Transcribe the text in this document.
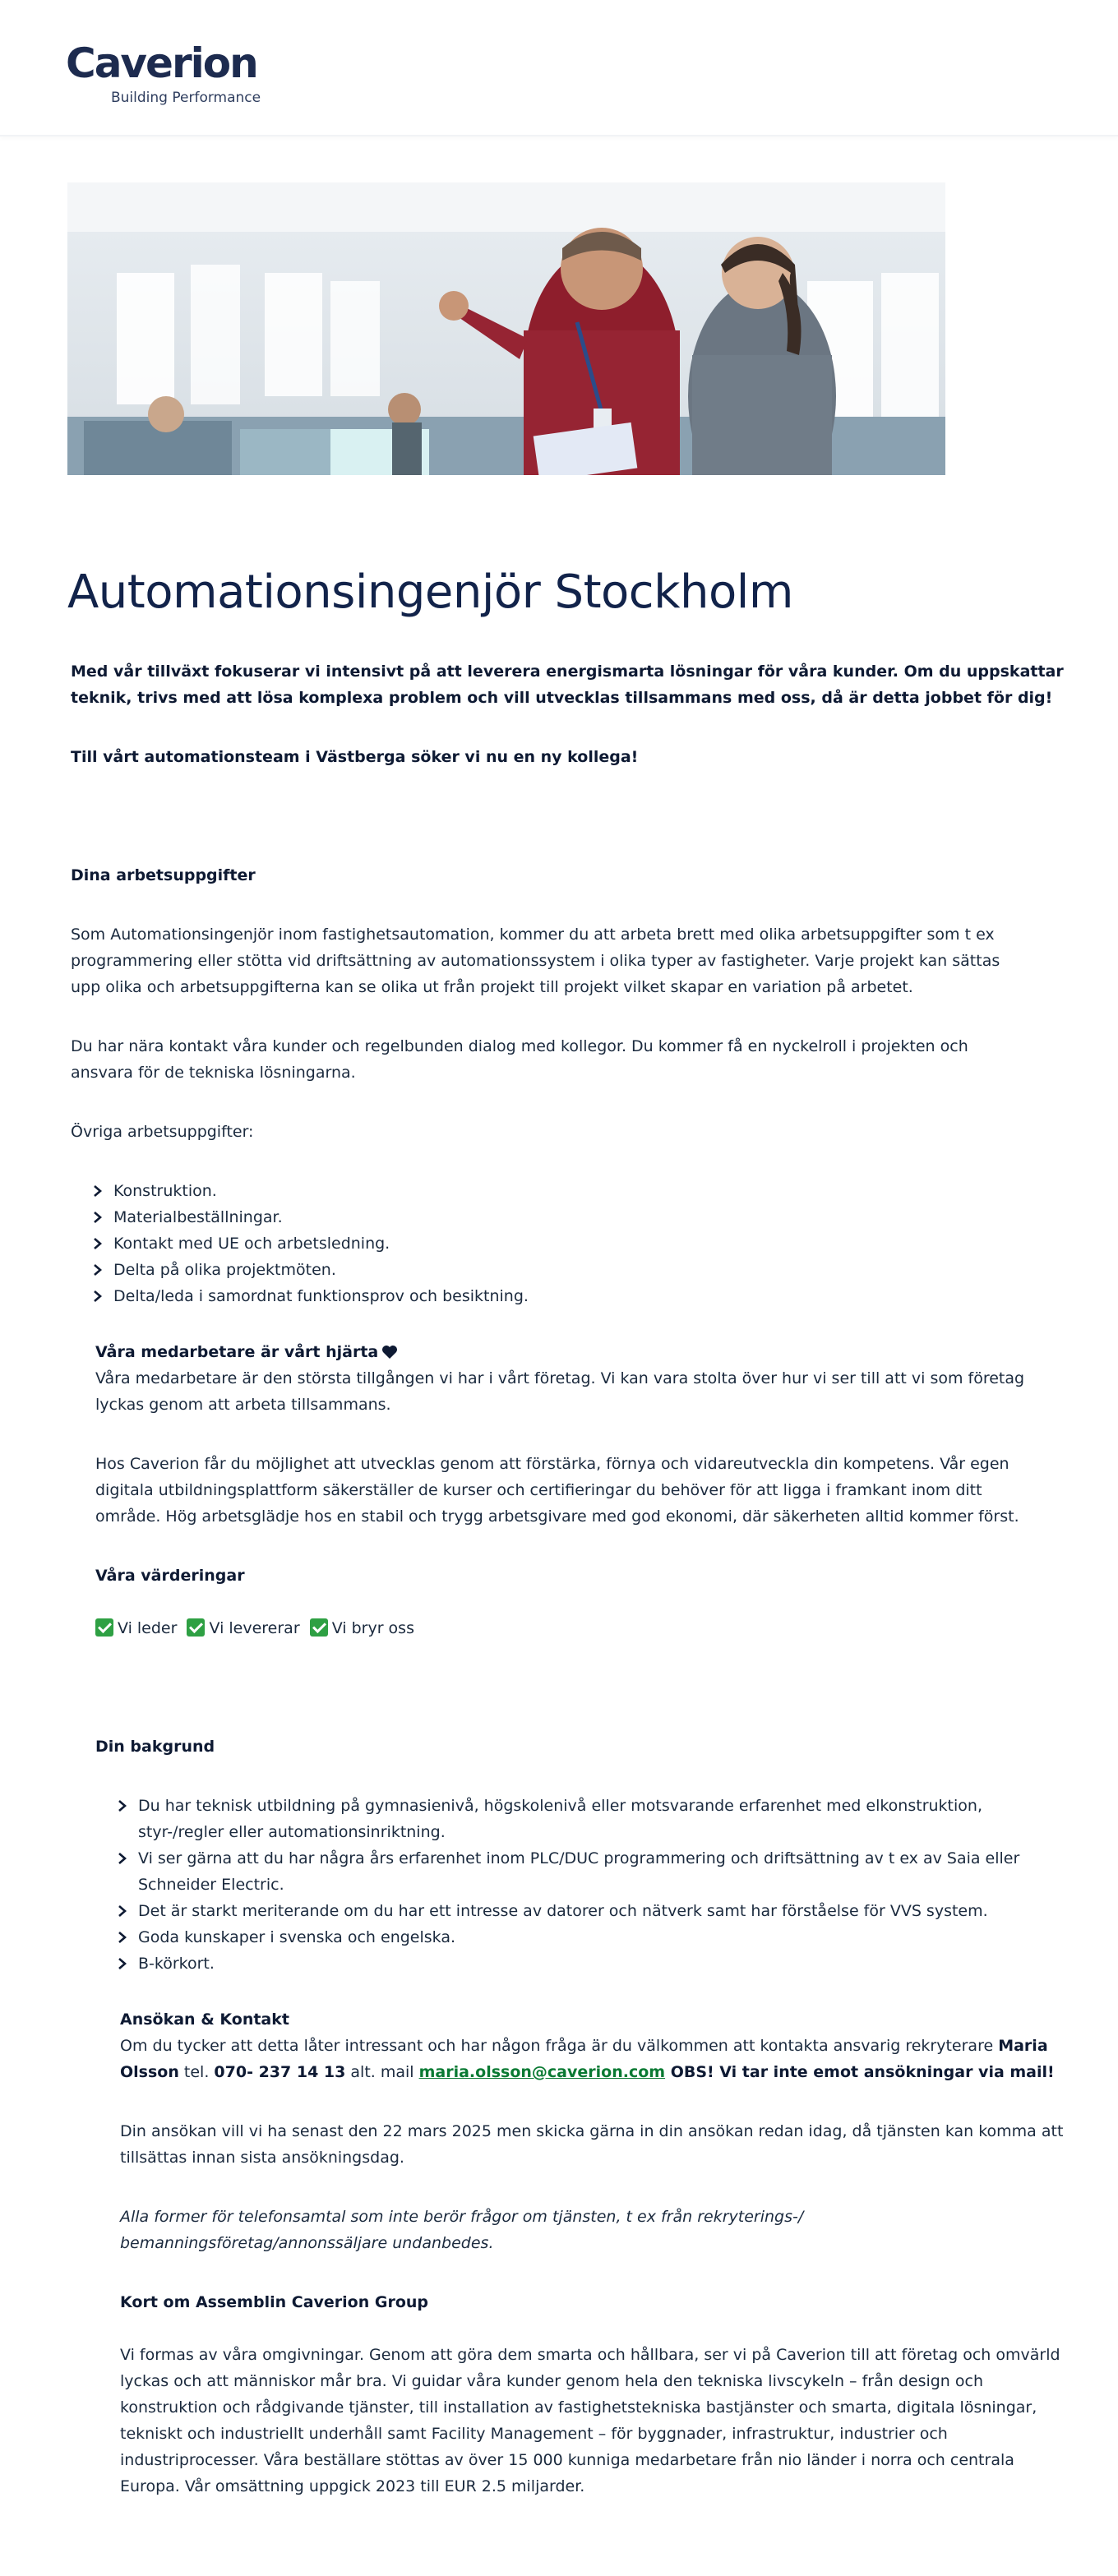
Caverion
Building Performance
Automationsingenjör Stockholm

Med vår tillväxt fokuserar vi intensivt på att leverera energismarta lösningar för våra kunder. Om du uppskattar

teknik, trivs med att lösa komplexa problem och vill utvecklas tillsammans med oss, då är detta jobbet för dig!

Till vårt automationsteam i Västberga söker vi nu en ny kollega!

Dina arbetsuppgifter

Som Automationsingenjör inom fastighetsautomation, kommer du att arbeta brett med olika arbetsuppgifter som t ex

programmering eller stötta vid driftsättning av automationssystem i olika typer av fastigheter. Varje projekt kan sättas

upp olika och arbetsuppgifterna kan se olika ut från projekt till projekt vilket skapar en variation på arbetet.

Du har nära kontakt våra kunder och regelbunden dialog med kollegor. Du kommer få en nyckelroll i projekten och

ansvara för de tekniska lösningarna.

Övriga arbetsuppgifter:

Konstruktion.
Materialbeställningar.
Kontakt med UE och arbetsledning.
Delta på olika projektmöten.
Delta/leda i samordnat funktionsprov och besiktning.

Våra medarbetare är vårt hjärta

Våra medarbetare är den största tillgången vi har i vårt företag. Vi kan vara stolta över hur vi ser till att vi som företag

lyckas genom att arbeta tillsammans.

Hos Caverion får du möjlighet att utvecklas genom att förstärka, förnya och vidareutveckla din kompetens. Vår egen

digitala utbildningsplattform säkerställer de kurser och certifieringar du behöver för att ligga i framkant inom ditt

område. Hög arbetsglädje hos en stabil och trygg arbetsgivare med god ekonomi, där säkerheten alltid kommer först.

Våra värderingar

Vi leder Vi levererar Vi bryr oss

Din bakgrund

Du har teknisk utbildning på gymnasienivå, högskolenivå eller motsvarande erfarenhet med elkonstruktion,
styr-/regler eller automationsinriktning.
Vi ser gärna att du har några års erfarenhet inom PLC/DUC programmering och driftsättning av t ex av Saia eller
Schneider Electric.
Det är starkt meriterande om du har ett intresse av datorer och nätverk samt har förståelse för VVS system.
Goda kunskaper i svenska och engelska.
B-körkort.

Ansökan & Kontakt

Om du tycker att detta låter intressant och har någon fråga är du välkommen att kontakta ansvarig rekryterare Maria

Olsson tel. 070- 237 14 13 alt. mail maria.olsson@caverion.com OBS! Vi tar inte emot ansökningar via mail!

Din ansökan vill vi ha senast den 22 mars 2025 men skicka gärna in din ansökan redan idag, då tjänsten kan komma att

tillsättas innan sista ansökningsdag.

Alla former för telefonsamtal som inte berör frågor om tjänsten, t ex från rekryterings-/

bemanningsföretag/annonssäljare undanbedes.

Kort om Assemblin Caverion Group

Vi formas av våra omgivningar. Genom att göra dem smarta och hållbara, ser vi på Caverion till att företag och omvärld

lyckas och att människor mår bra. Vi guidar våra kunder genom hela den tekniska livscykeln – från design och

konstruktion och rådgivande tjänster, till installation av fastighetstekniska bastjänster och smarta, digitala lösningar,

tekniskt och industriellt underhåll samt Facility Management – för byggnader, infrastruktur, industrier och

industriprocesser. Våra beställare stöttas av över 15 000 kunniga medarbetare från nio länder i norra och centrala

Europa. Vår omsättning uppgick 2023 till EUR 2.5 miljarder.
